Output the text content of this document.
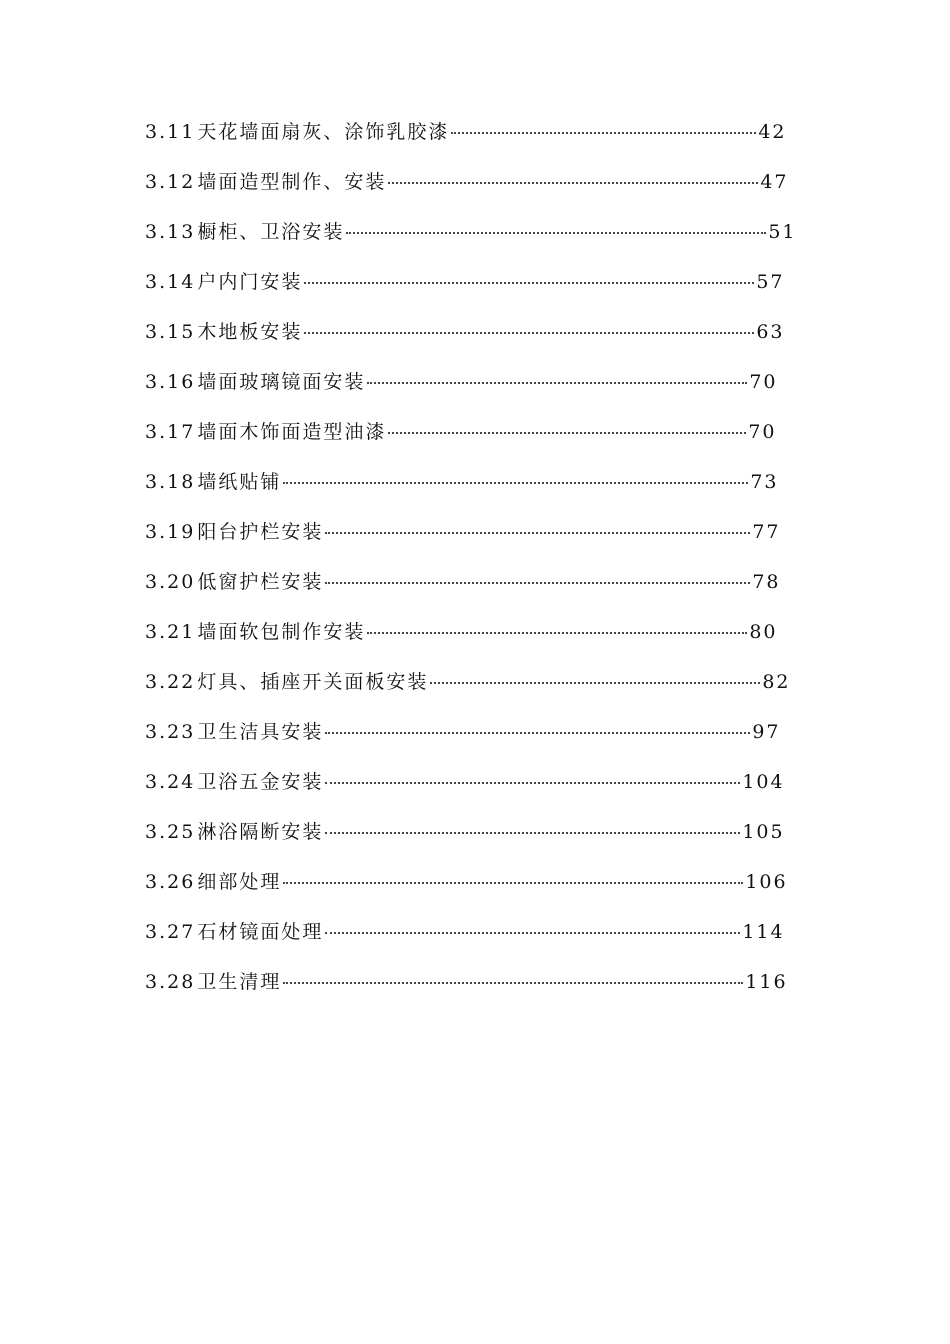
3.11 天花墙面扇灰、涂饰乳胶漆	42
3.12 墙面造型制作、安装	47
3.13 橱柜、卫浴安装	51
3.14 户内门安装	57
3.15 木地板安装	63
3.16 墙面玻璃镜面安装	70
3.17 墙面木饰面造型油漆	70
3.18 墙纸贴铺	73
3.19 阳台护栏安装	77
3.20 低窗护栏安装	78
3.21 墙面软包制作安装	80
3.22 灯具、插座开关面板安装	82
3.23 卫生洁具安装	97
3.24 卫浴五金安装	104
3.25 淋浴隔断安装	105
3.26 细部处理	106
3.27 石材镜面处理	114
3.28 卫生清理	116
